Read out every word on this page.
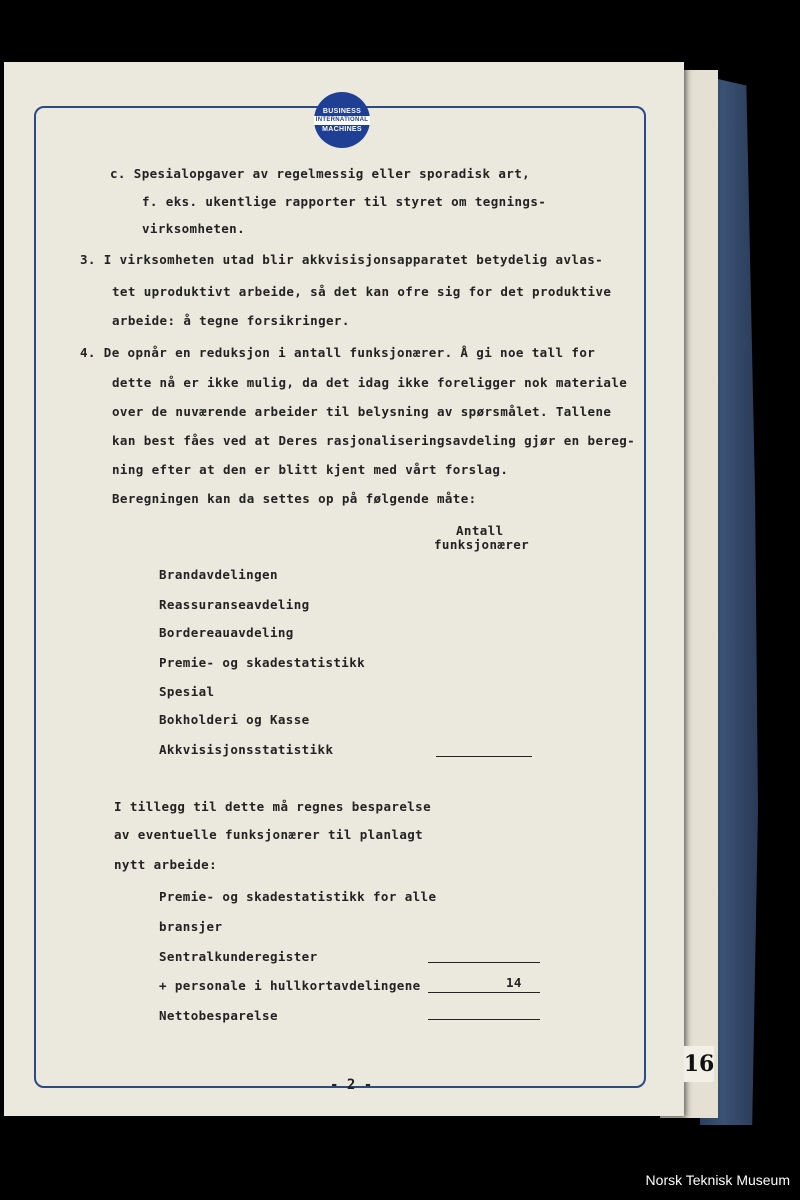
BUSINESS
INTERNATIONAL
MACHINES
c. Spesialopgaver av regelmessig eller sporadisk art,
f. eks. ukentlige rapporter til styret om tegnings-
virksomheten.
3. I virksomheten utad blir akkvisisjonsapparatet betydelig avlas-
tet uproduktivt arbeide, så det kan ofre sig for det produktive
arbeide: å tegne forsikringer.
4. De opnår en reduksjon i antall funksjonærer. Å gi noe tall for
dette nå er ikke mulig, da det idag ikke foreligger nok materiale
over de nuværende arbeider til belysning av spørsmålet. Tallene
kan best fåes ved at Deres rasjonaliseringsavdeling gjør en bereg-
ning efter at den er blitt kjent med vårt forslag.
Beregningen kan da settes op på følgende måte:
Antall
funksjonærer
Brandavdelingen
Reassuranseavdeling
Bordereauavdeling
Premie- og skadestatistikk
Spesial
Bokholderi og Kasse
Akkvisisjonsstatistikk
I tillegg til dette må regnes besparelse
av eventuelle funksjonærer til planlagt
nytt arbeide:
Premie- og skadestatistikk for alle
bransjer
Sentralkunderegister
+ personale i hullkortavdelingene	14
Nettobesparelse
- 2 -
16
Norsk Teknisk Museum
